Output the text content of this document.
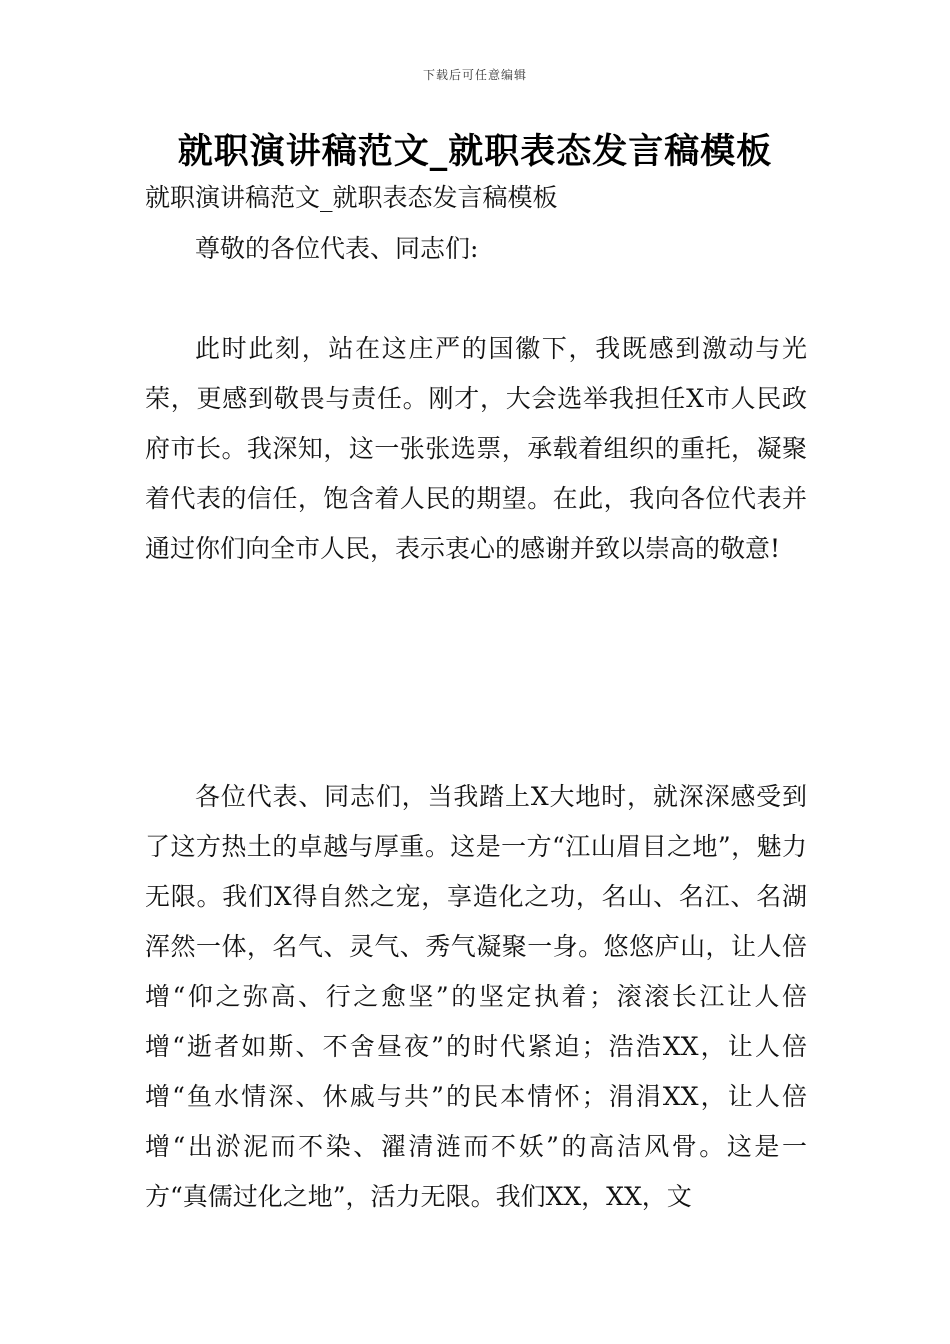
下载后可任意编辑
就职演讲稿范文_就职表态发言稿模板

就职演讲稿范文_就职表态发言稿模板

尊敬的各位代表、同志们:

此时此刻，站在这庄严的国徽下，我既感到激动与光荣，更感到敬畏与责任。刚才，大会选举我担任X市人民政府市长。我深知，这一张张选票，承载着组织的重托，凝聚着代表的信任，饱含着人民的期望。在此，我向各位代表并通过你们向全市人民，表示衷心的感谢并致以崇高的敬意!

各位代表、同志们，当我踏上X大地时，就深深感受到了这方热土的卓越与厚重。这是一方“江山眉目之地”，魅力无限。我们X得自然之宠，享造化之功，名山、名江、名湖浑然一体，名气、灵气、秀气凝聚一身。悠悠庐山，让人倍增“仰之弥高、行之愈坚”的坚定执着；滚滚长江让人倍增“逝者如斯、不舍昼夜”的时代紧迫；浩浩XX，让人倍增“鱼水情深、休戚与共”的民本情怀；涓涓XX，让人倍增“出淤泥而不染、濯清涟而不妖”的高洁风骨。这是一方“真儒过化之地”，活力无限。我们XX，XX，文
